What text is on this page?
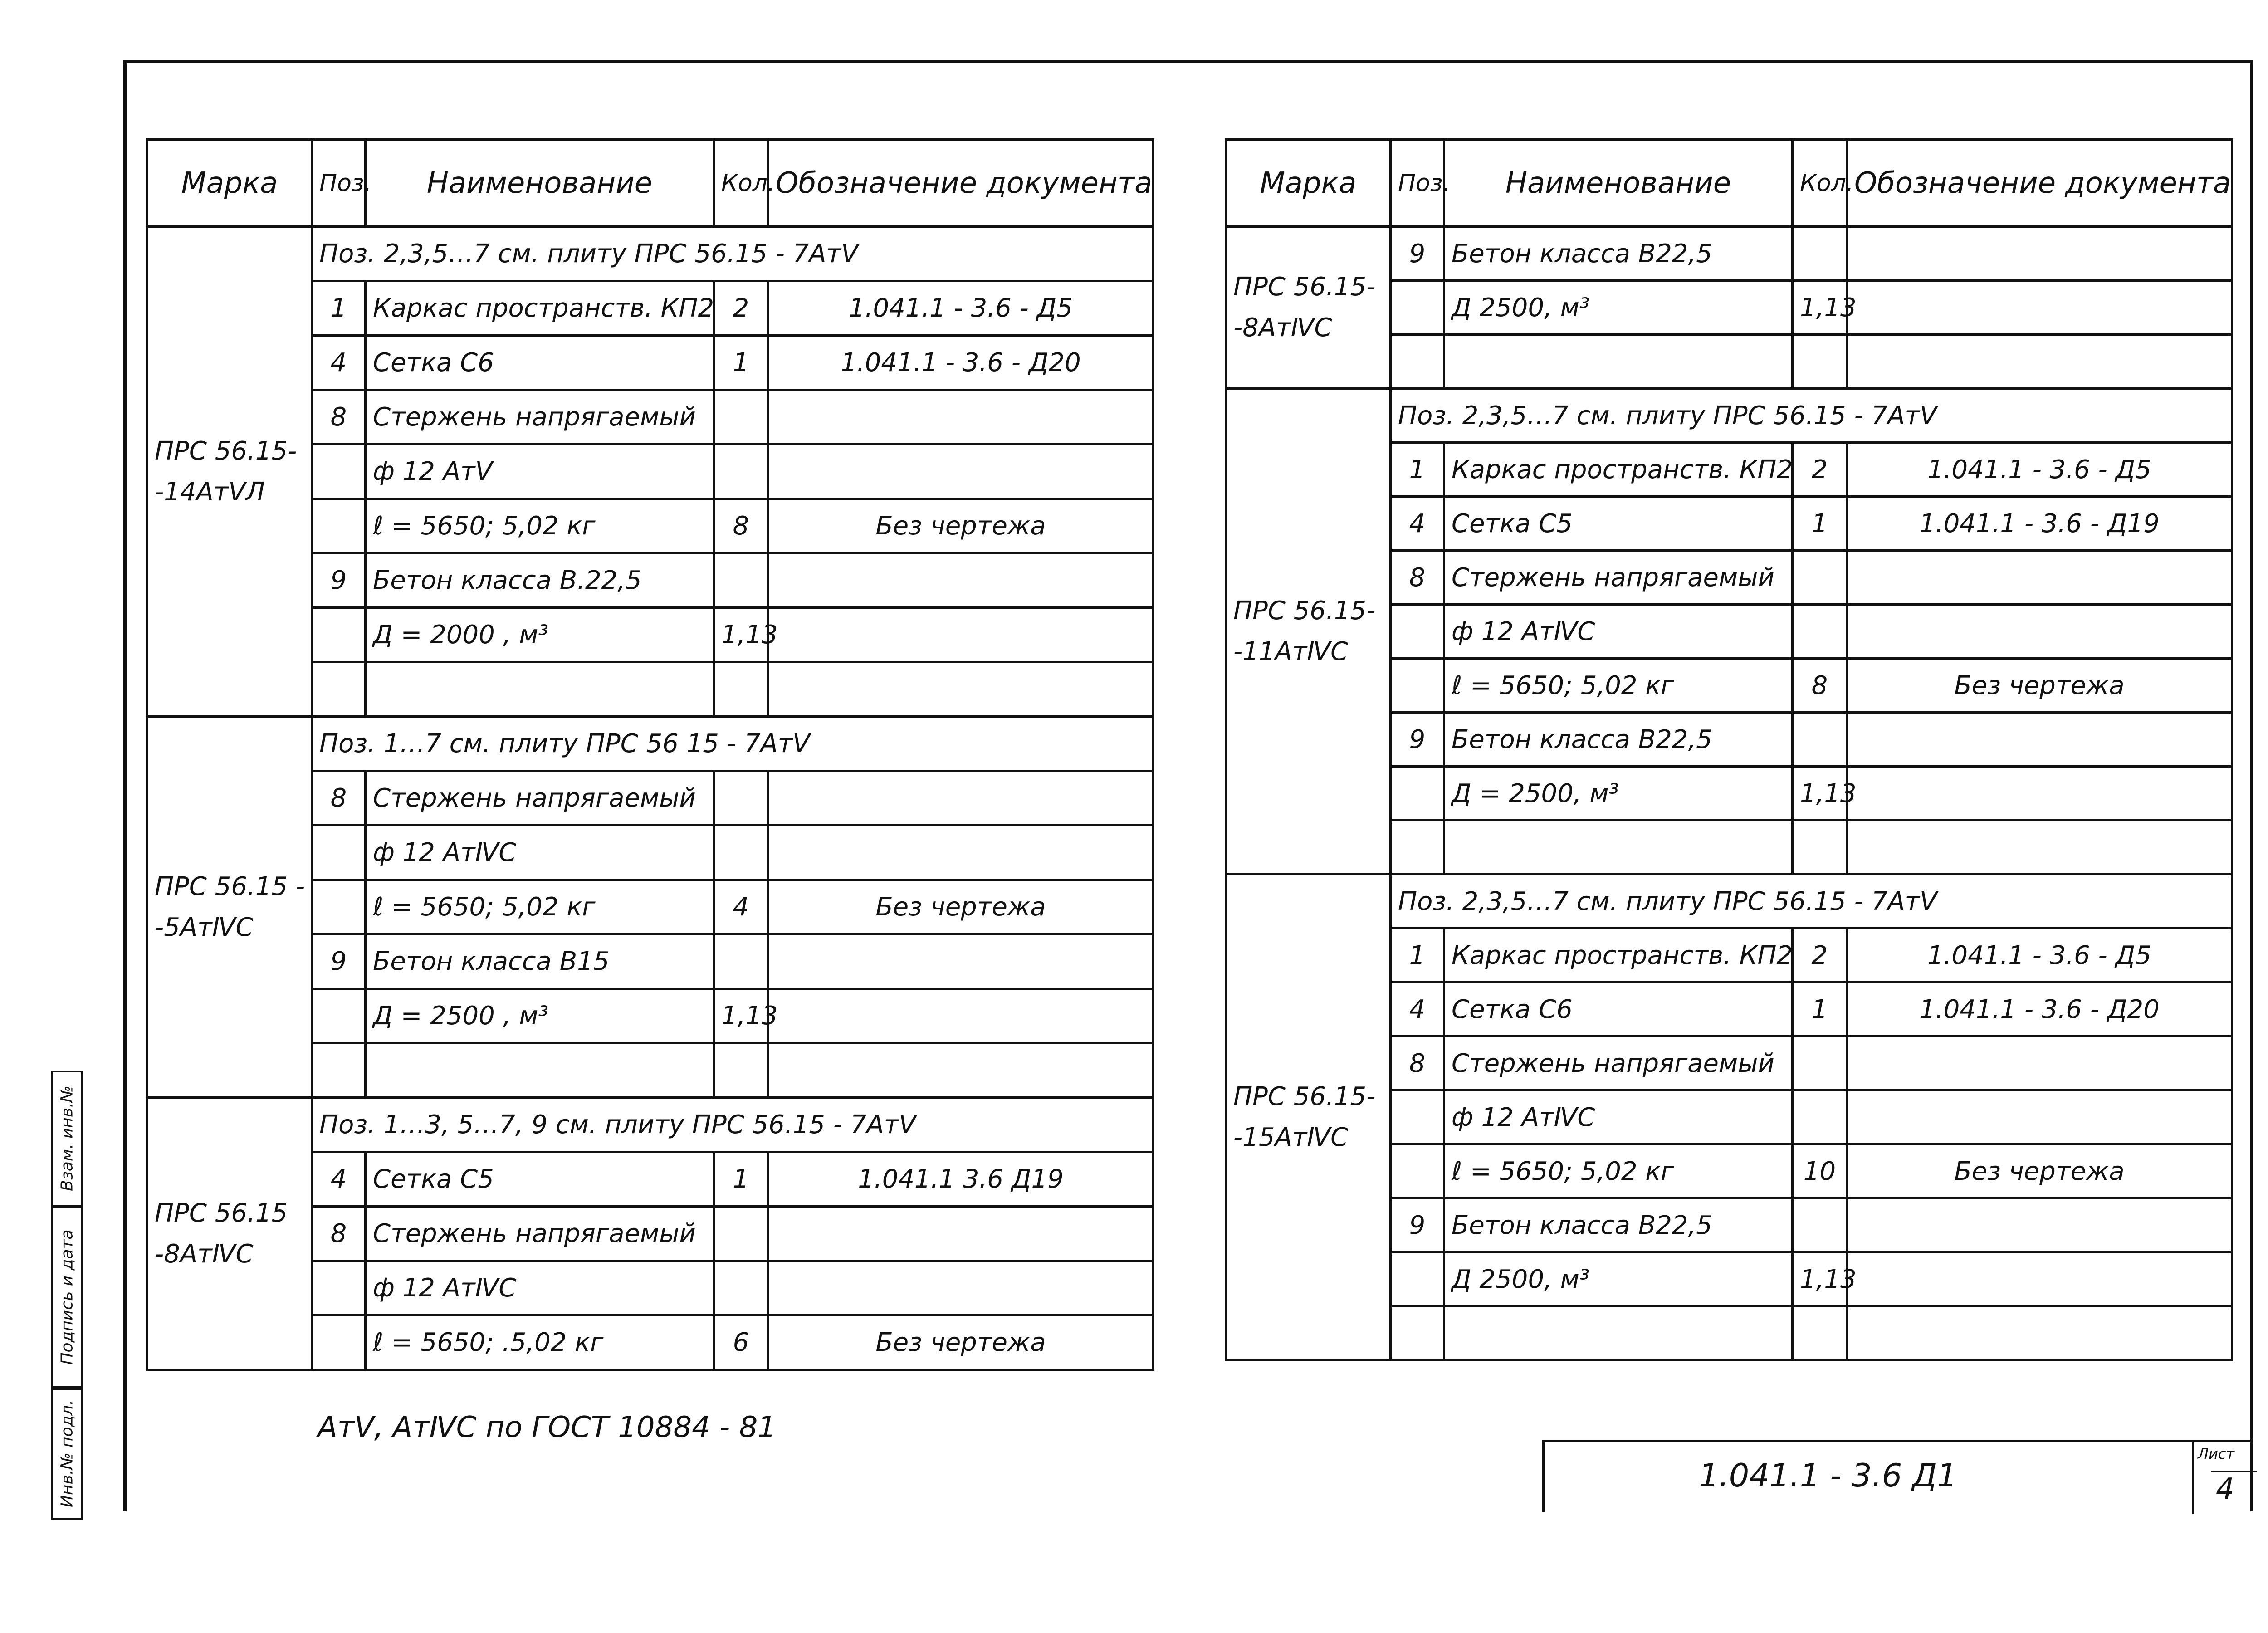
Марка	Поз.	Наименование	Кол.	Обозначение документа

ПРС 56.15-
-14АтⅤЛ	Поз. 2,3,5…7 см. плиту ПРС 56.15 - 7АтⅤ			
	1	Каркас пространств. КП2	2	1.041.1 - 3.6 - Д5
	4	Сетка С6	1	1.041.1 - 3.6 - Д20
	8	Стержень напрягаемый		
		ф 12 АтⅤ		
		ℓ = 5650; 5,02 кг	8	Без чертежа
	9	Бетон класса В.22,5		
		Д = 2000 , м³	1,13	

ПРС 56.15 -
-5АтⅣС	Поз. 1…7 см. плиту ПРС 56 15 - 7АтⅤ			
	8	Стержень напрягаемый		
		ф 12 АтⅣС		
		ℓ = 5650; 5,02 кг	4	Без чертежа
	9	Бетон класса В15		
		Д = 2500 , м³	1,13	

ПРС 56.15
-8АтⅣС	Поз. 1…3, 5…7, 9 см. плиту ПРС 56.15 - 7АтⅤ			
	4	Сетка С5	1	1.041.1 3.6 Д19
	8	Стержень напрягаемый		
		ф 12 АтⅣС		
		ℓ = 5650; .5,02 кг	6	Без чертежа
Марка	Поз.	Наименование	Кол.	Обозначение документа

ПРС 56.15-
-8АтⅣС	9	Бетон класса В22,5		
		Д 2500, м³	1,13	

ПРС 56.15-
-11АтⅣС	Поз. 2,3,5…7 см. плиту ПРС 56.15 - 7АтⅤ			
	1	Каркас пространств. КП2	2	1.041.1 - 3.6 - Д5
	4	Сетка С5	1	1.041.1 - 3.6 - Д19
	8	Стержень напрягаемый		
		ф 12 АтⅣС		
		ℓ = 5650; 5,02 кг	8	Без чертежа
	9	Бетон класса В22,5		
		Д = 2500, м³	1,13	

ПРС 56.15-
-15АтⅣС	Поз. 2,3,5…7 см. плиту ПРС 56.15 - 7АтⅤ			
	1	Каркас пространств. КП2	2	1.041.1 - 3.6 - Д5
	4	Сетка С6	1	1.041.1 - 3.6 - Д20
	8	Стержень напрягаемый		
		ф 12 АтⅣС		
		ℓ = 5650; 5,02 кг	10	Без чертежа
	9	Бетон класса В22,5		
		Д 2500, м³	1,13	

АтⅤ, АтⅣС по ГОСТ 10884 - 81
1.041.1 - 3.6 Д1
Лист
4
Взам. инв.№
Подпись и дата
Инв.№ подл.
